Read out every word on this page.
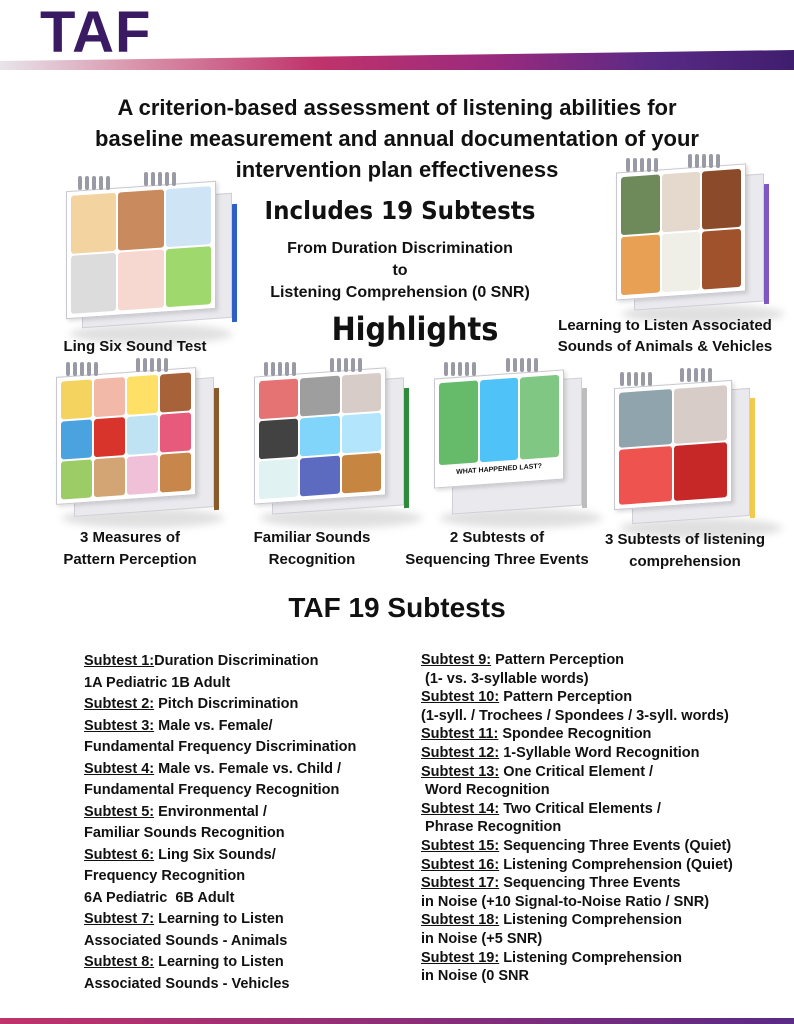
TAF
A criterion-based assessment of listening abilities for
baseline measurement and annual documentation of your
intervention plan effectiveness
Includes 19 Subtests
From Duration Discrimination
to
Listening Comprehension (0 SNR)
Highlights
Ling Six Sound Test
Learning to Listen Associated
Sounds of Animals & Vehicles
3 Measures of
Pattern Perception
Familiar Sounds
Recognition
WHAT HAPPENED LAST?
2 Subtests of
Sequencing Three Events
3 Subtests of listening
comprehension
TAF 19 Subtests
Subtest 1:Duration Discrimination
1A Pediatric 1B Adult
Subtest 2: Pitch Discrimination
Subtest 3: Male vs. Female/
Fundamental Frequency Discrimination
Subtest 4: Male vs. Female vs. Child /
Fundamental Frequency Recognition
Subtest 5: Environmental /
Familiar Sounds Recognition
Subtest 6: Ling Six Sounds/
Frequency Recognition
6A Pediatric  6B Adult
Subtest 7: Learning to Listen
Associated Sounds - Animals
Subtest 8: Learning to Listen
Associated Sounds - Vehicles
Subtest 9: Pattern Perception
(1- vs. 3-syllable words)
Subtest 10: Pattern Perception
(1-syll. / Trochees / Spondees / 3-syll. words)
Subtest 11: Spondee Recognition
Subtest 12: 1-Syllable Word Recognition
Subtest 13: One Critical Element /
Word Recognition
Subtest 14: Two Critical Elements /
Phrase Recognition
Subtest 15: Sequencing Three Events (Quiet)
Subtest 16: Listening Comprehension (Quiet)
Subtest 17: Sequencing Three Events
in Noise (+10 Signal-to-Noise Ratio / SNR)
Subtest 18: Listening Comprehension
in Noise (+5 SNR)
Subtest 19: Listening Comprehension
in Noise (0 SNR
